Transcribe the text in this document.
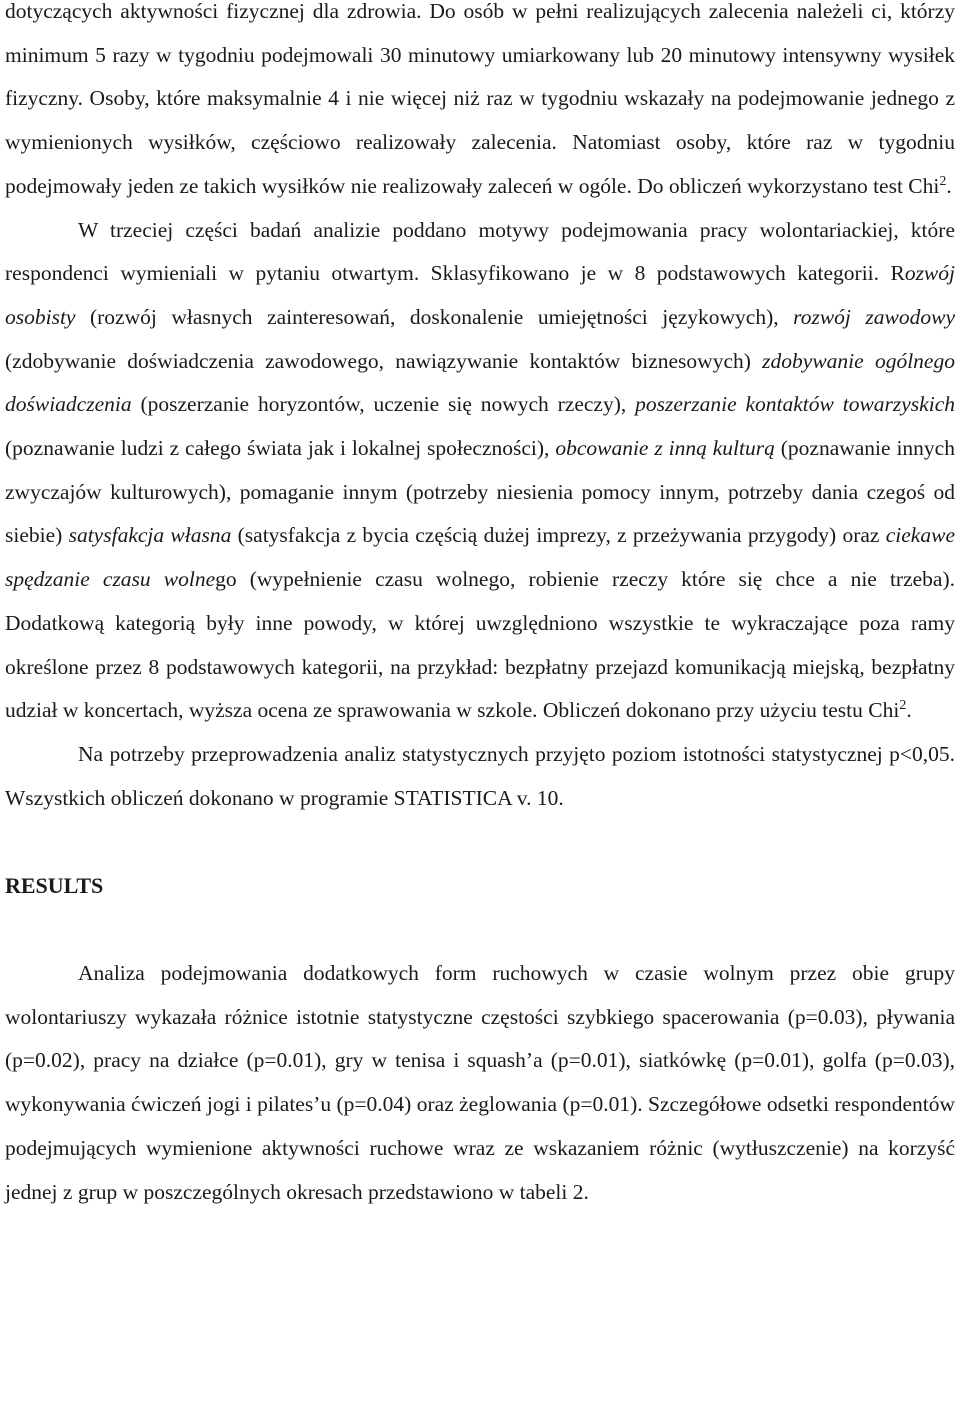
dotyczących aktywności fizycznej dla zdrowia. Do osób w pełni realizujących zalecenia należeli ci, którzy minimum 5 razy w tygodniu podejmowali 30 minutowy umiarkowany lub 20 minutowy intensywny wysiłek fizyczny. Osoby, które maksymalnie 4 i nie więcej niż raz w tygodniu wskazały na podejmowanie jednego z wymienionych wysiłków, częściowo realizowały zalecenia. Natomiast osoby, które raz w tygodniu podejmowały jeden ze takich wysiłków nie realizowały zaleceń w ogóle. Do obliczeń wykorzystano test Chi$^2$.

W trzeciej części badań analizie poddano motywy podejmowania pracy wolontariackiej, które respondenci wymieniali w pytaniu otwartym. Sklasyfikowano je w 8 podstawowych kategorii. Rozwój osobisty (rozwój własnych zainteresowań, doskonalenie umiejętności językowych), rozwój zawodowy (zdobywanie doświadczenia zawodowego, nawiązywanie kontaktów biznesowych) zdobywanie ogólnego doświadczenia (poszerzanie horyzontów, uczenie się nowych rzeczy), poszerzanie kontaktów towarzyskich (poznawanie ludzi z całego świata jak i lokalnej społeczności), obcowanie z inną kulturą (poznawanie innych zwyczajów kulturowych), pomaganie innym (potrzeby niesienia pomocy innym, potrzeby dania czegoś od siebie) satysfakcja własna (satysfakcja z bycia częścią dużej imprezy, z przeżywania przygody) oraz ciekawe spędzanie czasu wolnego (wypełnienie czasu wolnego, robienie rzeczy które się chce a nie trzeba). Dodatkową kategorią były inne powody, w której uwzględniono wszystkie te wykraczające poza ramy określone przez 8 podstawowych kategorii, na przykład: bezpłatny przejazd komunikacją miejską, bezpłatny udział w koncertach, wyższa ocena ze sprawowania w szkole. Obliczeń dokonano przy użyciu testu Chi$^2$.

Na potrzeby przeprowadzenia analiz statystycznych przyjęto poziom istotności statystycznej p<0,05. Wszystkich obliczeń dokonano w programie STATISTICA v. 10.

RESULTS

Analiza podejmowania dodatkowych form ruchowych w czasie wolnym przez obie grupy wolontariuszy wykazała różnice istotnie statystyczne częstości szybkiego spacerowania (p=0.03), pływania (p=0.02), pracy na działce (p=0.01), gry w tenisa i squash’a (p=0.01), siatkówkę (p=0.01), golfa (p=0.03), wykonywania ćwiczeń jogi i pilates’u (p=0.04) oraz żeglowania (p=0.01). Szczegółowe odsetki respondentów podejmujących wymienione aktywności ruchowe wraz ze wskazaniem różnic (wytłuszczenie) na korzyść jednej z grup w poszczególnych okresach przedstawiono w tabeli 2.
